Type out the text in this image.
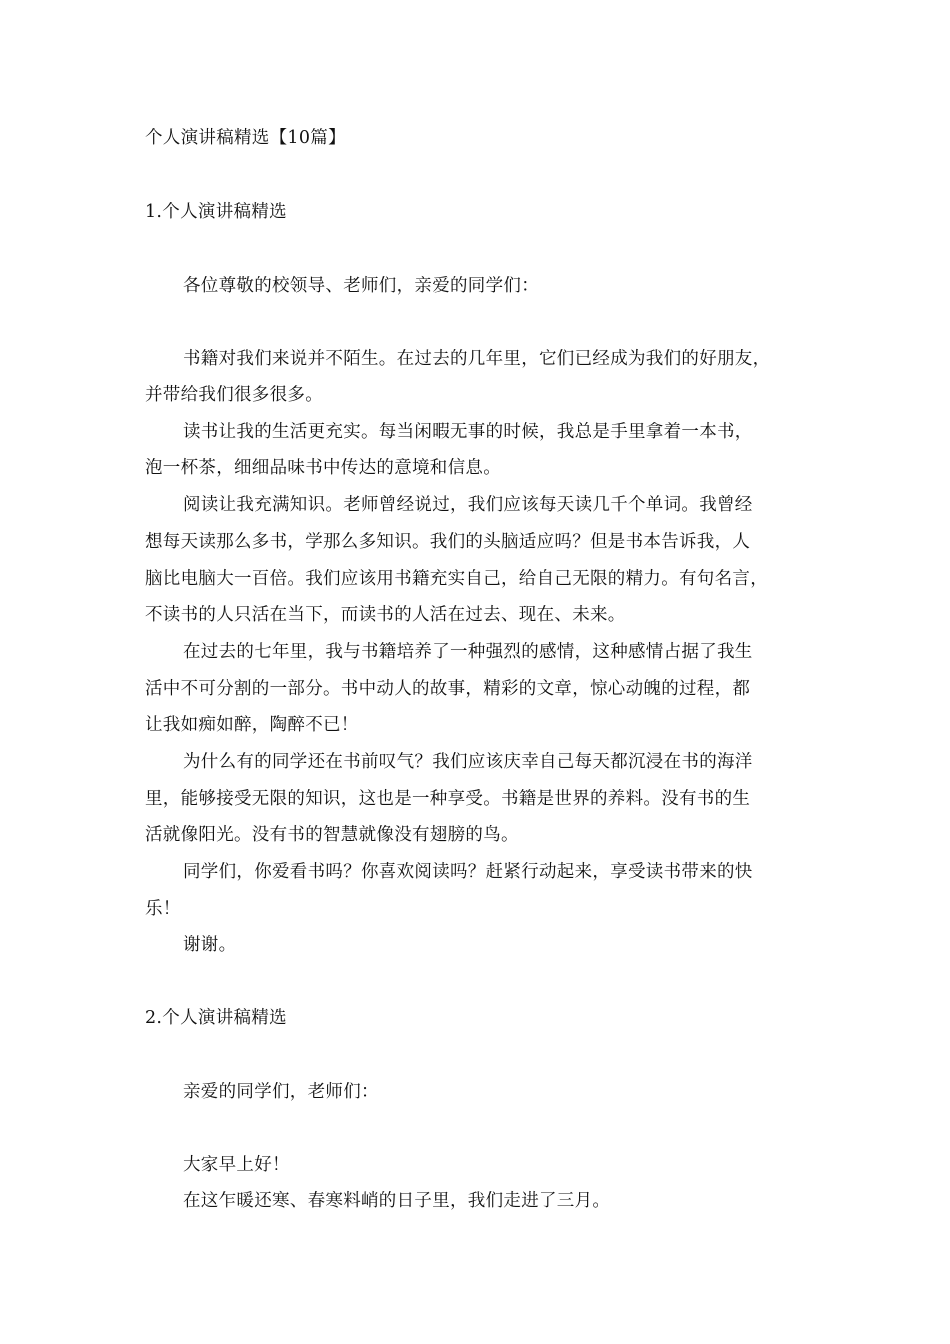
个人演讲稿精选【10篇】
1.个人演讲稿精选
各位尊敬的校领导、老师们，亲爱的同学们：
书籍对我们来说并不陌生。在过去的几年里，它们已经成为我们的好朋友，
并带给我们很多很多。
读书让我的生活更充实。每当闲暇无事的时候，我总是手里拿着一本书，
泡一杯茶，细细品味书中传达的意境和信息。
阅读让我充满知识。老师曾经说过，我们应该每天读几千个单词。我曾经
想每天读那么多书，学那么多知识。我们的头脑适应吗？但是书本告诉我，人
脑比电脑大一百倍。我们应该用书籍充实自己，给自己无限的精力。有句名言，
不读书的人只活在当下，而读书的人活在过去、现在、未来。
在过去的七年里，我与书籍培养了一种强烈的感情，这种感情占据了我生
活中不可分割的一部分。书中动人的故事，精彩的文章，惊心动魄的过程，都
让我如痴如醉，陶醉不已！
为什么有的同学还在书前叹气？我们应该庆幸自己每天都沉浸在书的海洋
里，能够接受无限的知识，这也是一种享受。书籍是世界的养料。没有书的生
活就像阳光。没有书的智慧就像没有翅膀的鸟。
同学们，你爱看书吗？你喜欢阅读吗？赶紧行动起来，享受读书带来的快
乐！
谢谢。
2.个人演讲稿精选
亲爱的同学们，老师们：
大家早上好！
在这乍暖还寒、春寒料峭的日子里，我们走进了三月。
